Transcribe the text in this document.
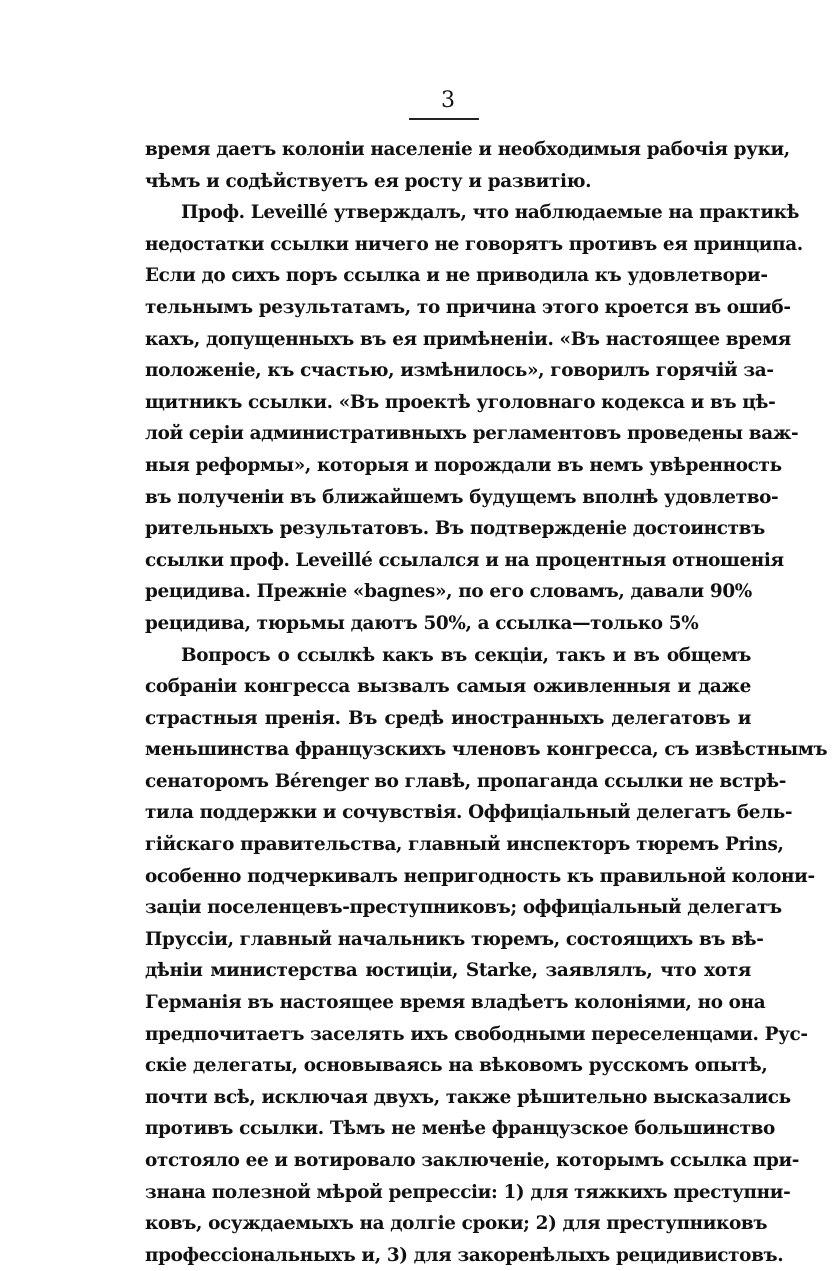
3
время даетъ колоніи населеніе и необходимыя рабочія руки,
чѣмъ и содѣйствуетъ ея росту и развитію.
Проф. Leveillé утверждалъ, что наблюдаемые на практикѣ
недостатки ссылки ничего не говорятъ противъ ея принципа.
Если до сихъ поръ ссылка и не приводила къ удовлетвори-
тельнымъ результатамъ, то причина этого кроется въ ошиб-
кахъ, допущенныхъ въ ея примѣненіи. «Въ настоящее время
положеніе, къ счастью, измѣнилось», говорилъ горячій за-
щитникъ ссылки. «Въ проектѣ уголовнаго кодекса и въ цѣ-
лой серіи административныхъ регламентовъ проведены важ-
ныя реформы», которыя и порождали въ немъ увѣренность
въ полученіи въ ближайшемъ будущемъ вполнѣ удовлетво-
рительныхъ результатовъ. Въ подтвержденіе достоинствъ
ссылки проф. Leveillé ссылался и на процентныя отношенія
рецидива. Прежніе «bagnes», по его словамъ, давали 90%
рецидива, тюрьмы даютъ 50%, а ссылка—только 5%
Вопросъ о ссылкѣ какъ въ секціи, такъ и въ общемъ
собраніи конгресса вызвалъ самыя оживленныя и даже
страстныя пренія. Въ средѣ иностранныхъ делегатовъ и
меньшинства французскихъ членовъ конгресса, съ извѣстнымъ
сенаторомъ Bérenger во главѣ, пропаганда ссылки не встрѣ-
тила поддержки и сочувствія. Оффиціальный делегатъ бель-
гійскаго правительства, главный инспекторъ тюремъ Prins,
особенно подчеркивалъ непригодность къ правильной колони-
заціи поселенцевъ-преступниковъ; оффиціальный делегатъ
Пруссіи, главный начальникъ тюремъ, состоящихъ въ вѣ-
дѣніи министерства юстиціи, Starke, заявлялъ, что хотя
Германія въ настоящее время владѣетъ колоніями, но она
предпочитаетъ заселять ихъ свободными переселенцами. Рус-
скіе делегаты, основываясь на вѣковомъ русскомъ опытѣ,
почти всѣ, исключая двухъ, также рѣшительно высказались
противъ ссылки. Тѣмъ не менѣе французское большинство
отстояло ее и вотировало заключеніе, которымъ ссылка при-
знана полезной мѣрой репрессіи: 1) для тяжкихъ преступни-
ковъ, осуждаемыхъ на долгіе сроки; 2) для преступниковъ
профессіональныхъ и, 3) для закоренѣлыхъ рецидивистовъ.
